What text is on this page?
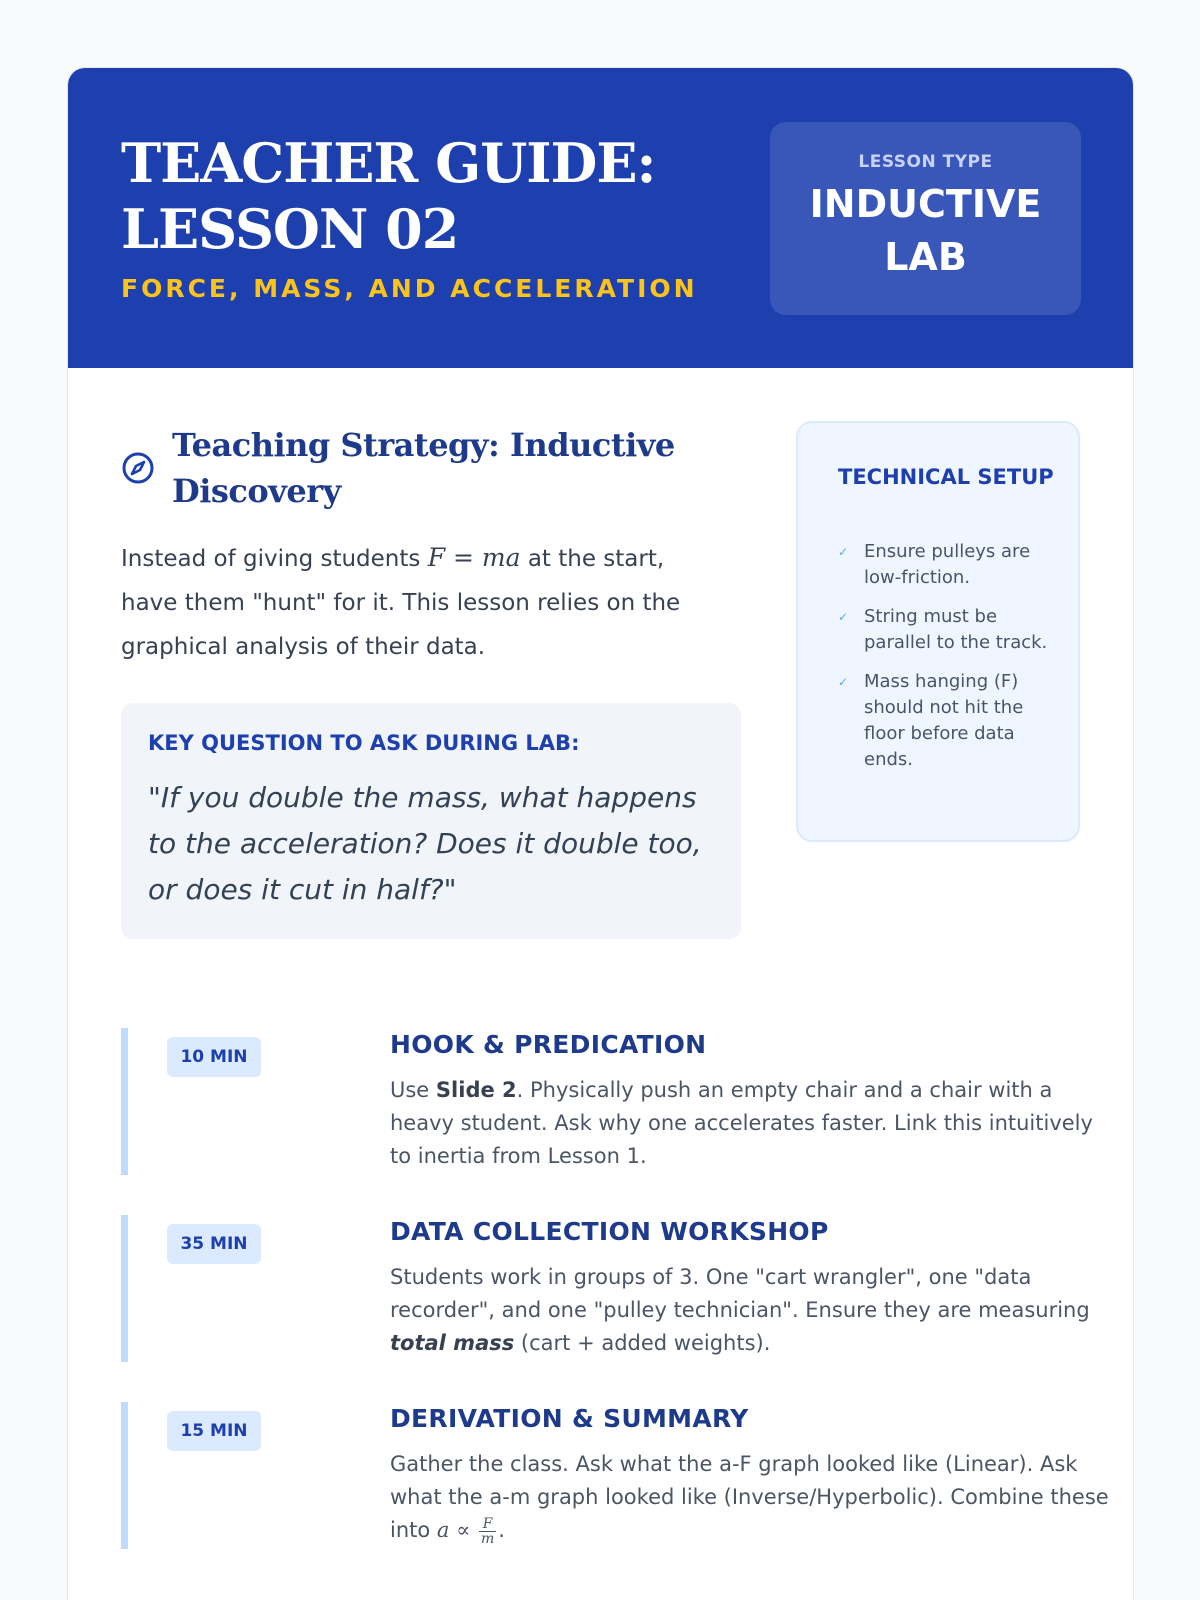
TEACHER GUIDE: LESSON 02
FORCE, MASS, AND ACCELERATION
LESSON TYPE
INDUCTIVE LAB
Teaching Strategy: Inductive Discovery

Instead of giving students F = ma at the start, have them "hunt" for it. This lesson relies on the graphical analysis of their data.

KEY QUESTION TO ASK DURING LAB:
"If you double the mass, what happens to the acceleration? Does it double too, or does it cut in half?"
TECHNICAL SETUP
✓ Ensure pulleys are low-friction.
✓ String must be parallel to the track.
✓ Mass hanging (F) should not hit the floor before data ends.
10 MIN	HOOK & PREDICATION
Use Slide 2. Physically push an empty chair and a chair with a heavy student. Ask why one accelerates faster. Link this intuitively to inertia from Lesson 1.
35 MIN	DATA COLLECTION WORKSHOP
Students work in groups of 3. One "cart wrangler", one "data recorder", and one "pulley technician". Ensure they are measuring total mass (cart + added weights).
15 MIN	DERIVATION & SUMMARY
Gather the class. Ask what the a-F graph looked like (Linear). Ask what the a-m graph looked like (Inverse/Hyperbolic). Combine these into $a \propto \frac{F}{m}$ .
